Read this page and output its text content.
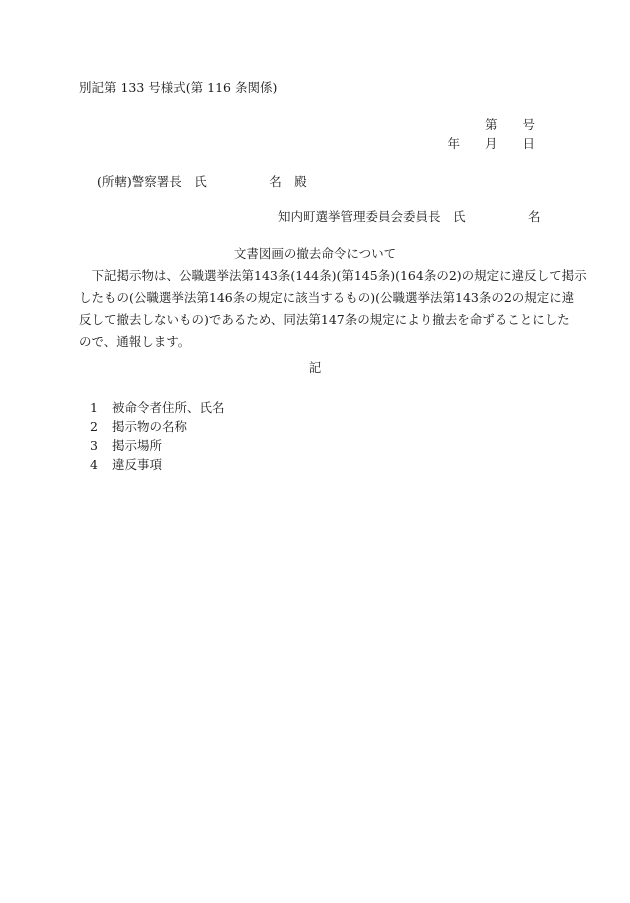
別記第 133 号様式(第 116 条関係)
第　　号
年　　月　　日
(所轄)警察署長　氏　　　　　名　殿
知内町選挙管理委員会委員長　氏　　　　　名
文書図画の撤去命令について
　下記掲示物は、公職選挙法第143条(144条)(第145条)(164条の2)の規定に違反して掲示
したもの(公職選挙法第146条の規定に該当するもの)(公職選挙法第143条の2の規定に違
反して撤去しないもの)であるため、同法第147条の規定により撤去を命ずることにした
ので、通報します。
記
1	被命令者住所、氏名
2	掲示物の名称
3	掲示場所
4	違反事項
